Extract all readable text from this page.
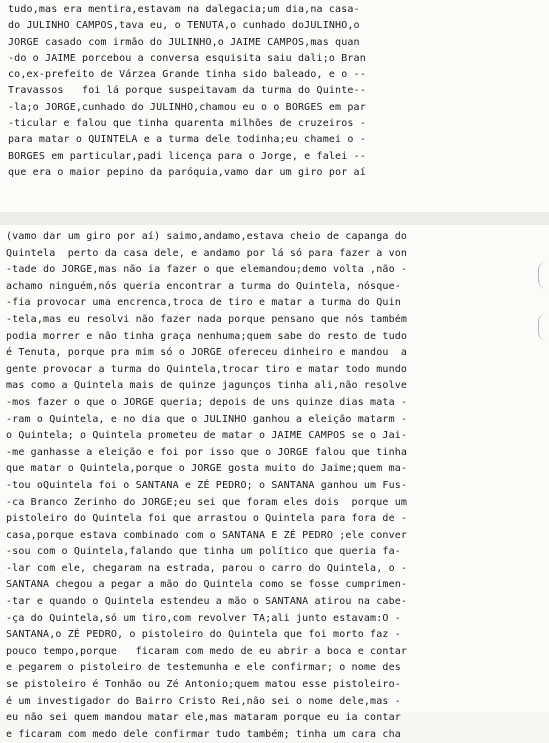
tudo,mas era mentira,estavam na dalegacia;um dia,na casa-
do JULINHO CAMPOS,tava eu, o TENUTA,o cunhado doJULINHO,o
JORGE casado com irmão do JULINHO,o JAIME CAMPOS,mas quan
-do o JAIME porcebou a conversa esquisita saiu dali;o Bran
co,ex-prefeito de Várzea Grande tinha sido baleado, e o --
Travassos   foi lá porque suspeitavam da turma do Quinte--
-la;o JORGE,cunhado do JULINHO,chamou eu o o BORGES em par
-ticular e falou que tinha quarenta milhões de cruzeiros -
para matar o QUINTELA e a turma dele todinha;eu chamei o -
BORGES em particular,padi licença para o Jorge, e falei --
que era o maior pepino da paróquia,vamo dar um giro por aí
(vamo dar um giro por aí) saimo,andamo,estava cheio de capanga do
Quintela  perto da casa dele, e andamo por lá só para fazer a von
-tade do JORGE,mas não ia fazer o que elemandou;demo volta ,não -
achamo ninguém,nós queria encontrar a turma do Quintela, nósque-
-fia provocar uma encrenca,troca de tiro e matar a turma do Quin
-tela,mas eu resolvi não fazer nada porque pensano que nós também
podia morrer e não tinha graça nenhuma;quem sabe do resto de tudo
é Tenuta, porque pra mim só o JORGE ofereceu dinheiro e mandou  a
gente provocar a turma do Quintela,trocar tiro e matar todo mundo
mas como a Quintela mais de quinze jagunços tinha ali,não resolve
-mos fazer o que o JORGE queria; depois de uns quinze dias mata -
-ram o Quintela, e no dia que o JULINHO ganhou a eleição matarm -
o Quintela; o Quintela prometeu de matar o JAIME CAMPOS se o Jai-
-me ganhasse a eleição e foi por isso que o JORGE falou que tinha
que matar o Quintela,porque o JORGE gosta muito do Jaime;quem ma-
-tou oQuintela foi o SANTANA e ZÉ PEDRO; o SANTANA ganhou um Fus-
-ca Branco Zerinho do JORGE;eu sei que foram eles dois  porque um
pistoleiro do Quintela foi que arrastou o Quintela para fora de -
casa,porque estava combinado com o SANTANA E ZÉ PEDRO ;ele conver
-sou com o Quintela,falando que tinha um político que queria fa-
-lar com ele, chegaram na estrada, parou o carro do Quintela, o -
SANTANA chegou a pegar a mão do Quintela como se fosse cumprimen-
-tar e quando o Quintela estendeu a mão o SANTANA atirou na cabe-
-ça do Quintela,só um tiro,com revolver TA;ali junto estavam:O -
SANTANA,o ZÉ PEDRO, o pistoleiro do Quintela que foi morto faz -
pouco tempo,porque   ficaram com medo de eu abrir a boca e contar
e pegarem o pistoleiro de testemunha e ele confirmar; o nome des
se pistoleiro é Tonhão ou Zé Antonio;quem matou esse pistoleiro-
é um investigador do Bairro Cristo Rei,não sei o nome dele,mas -
eu não sei quem mandou matar ele,mas mataram porque eu ia contar
e ficaram com medo dele confirmar tudo também; tinha um cara cha
